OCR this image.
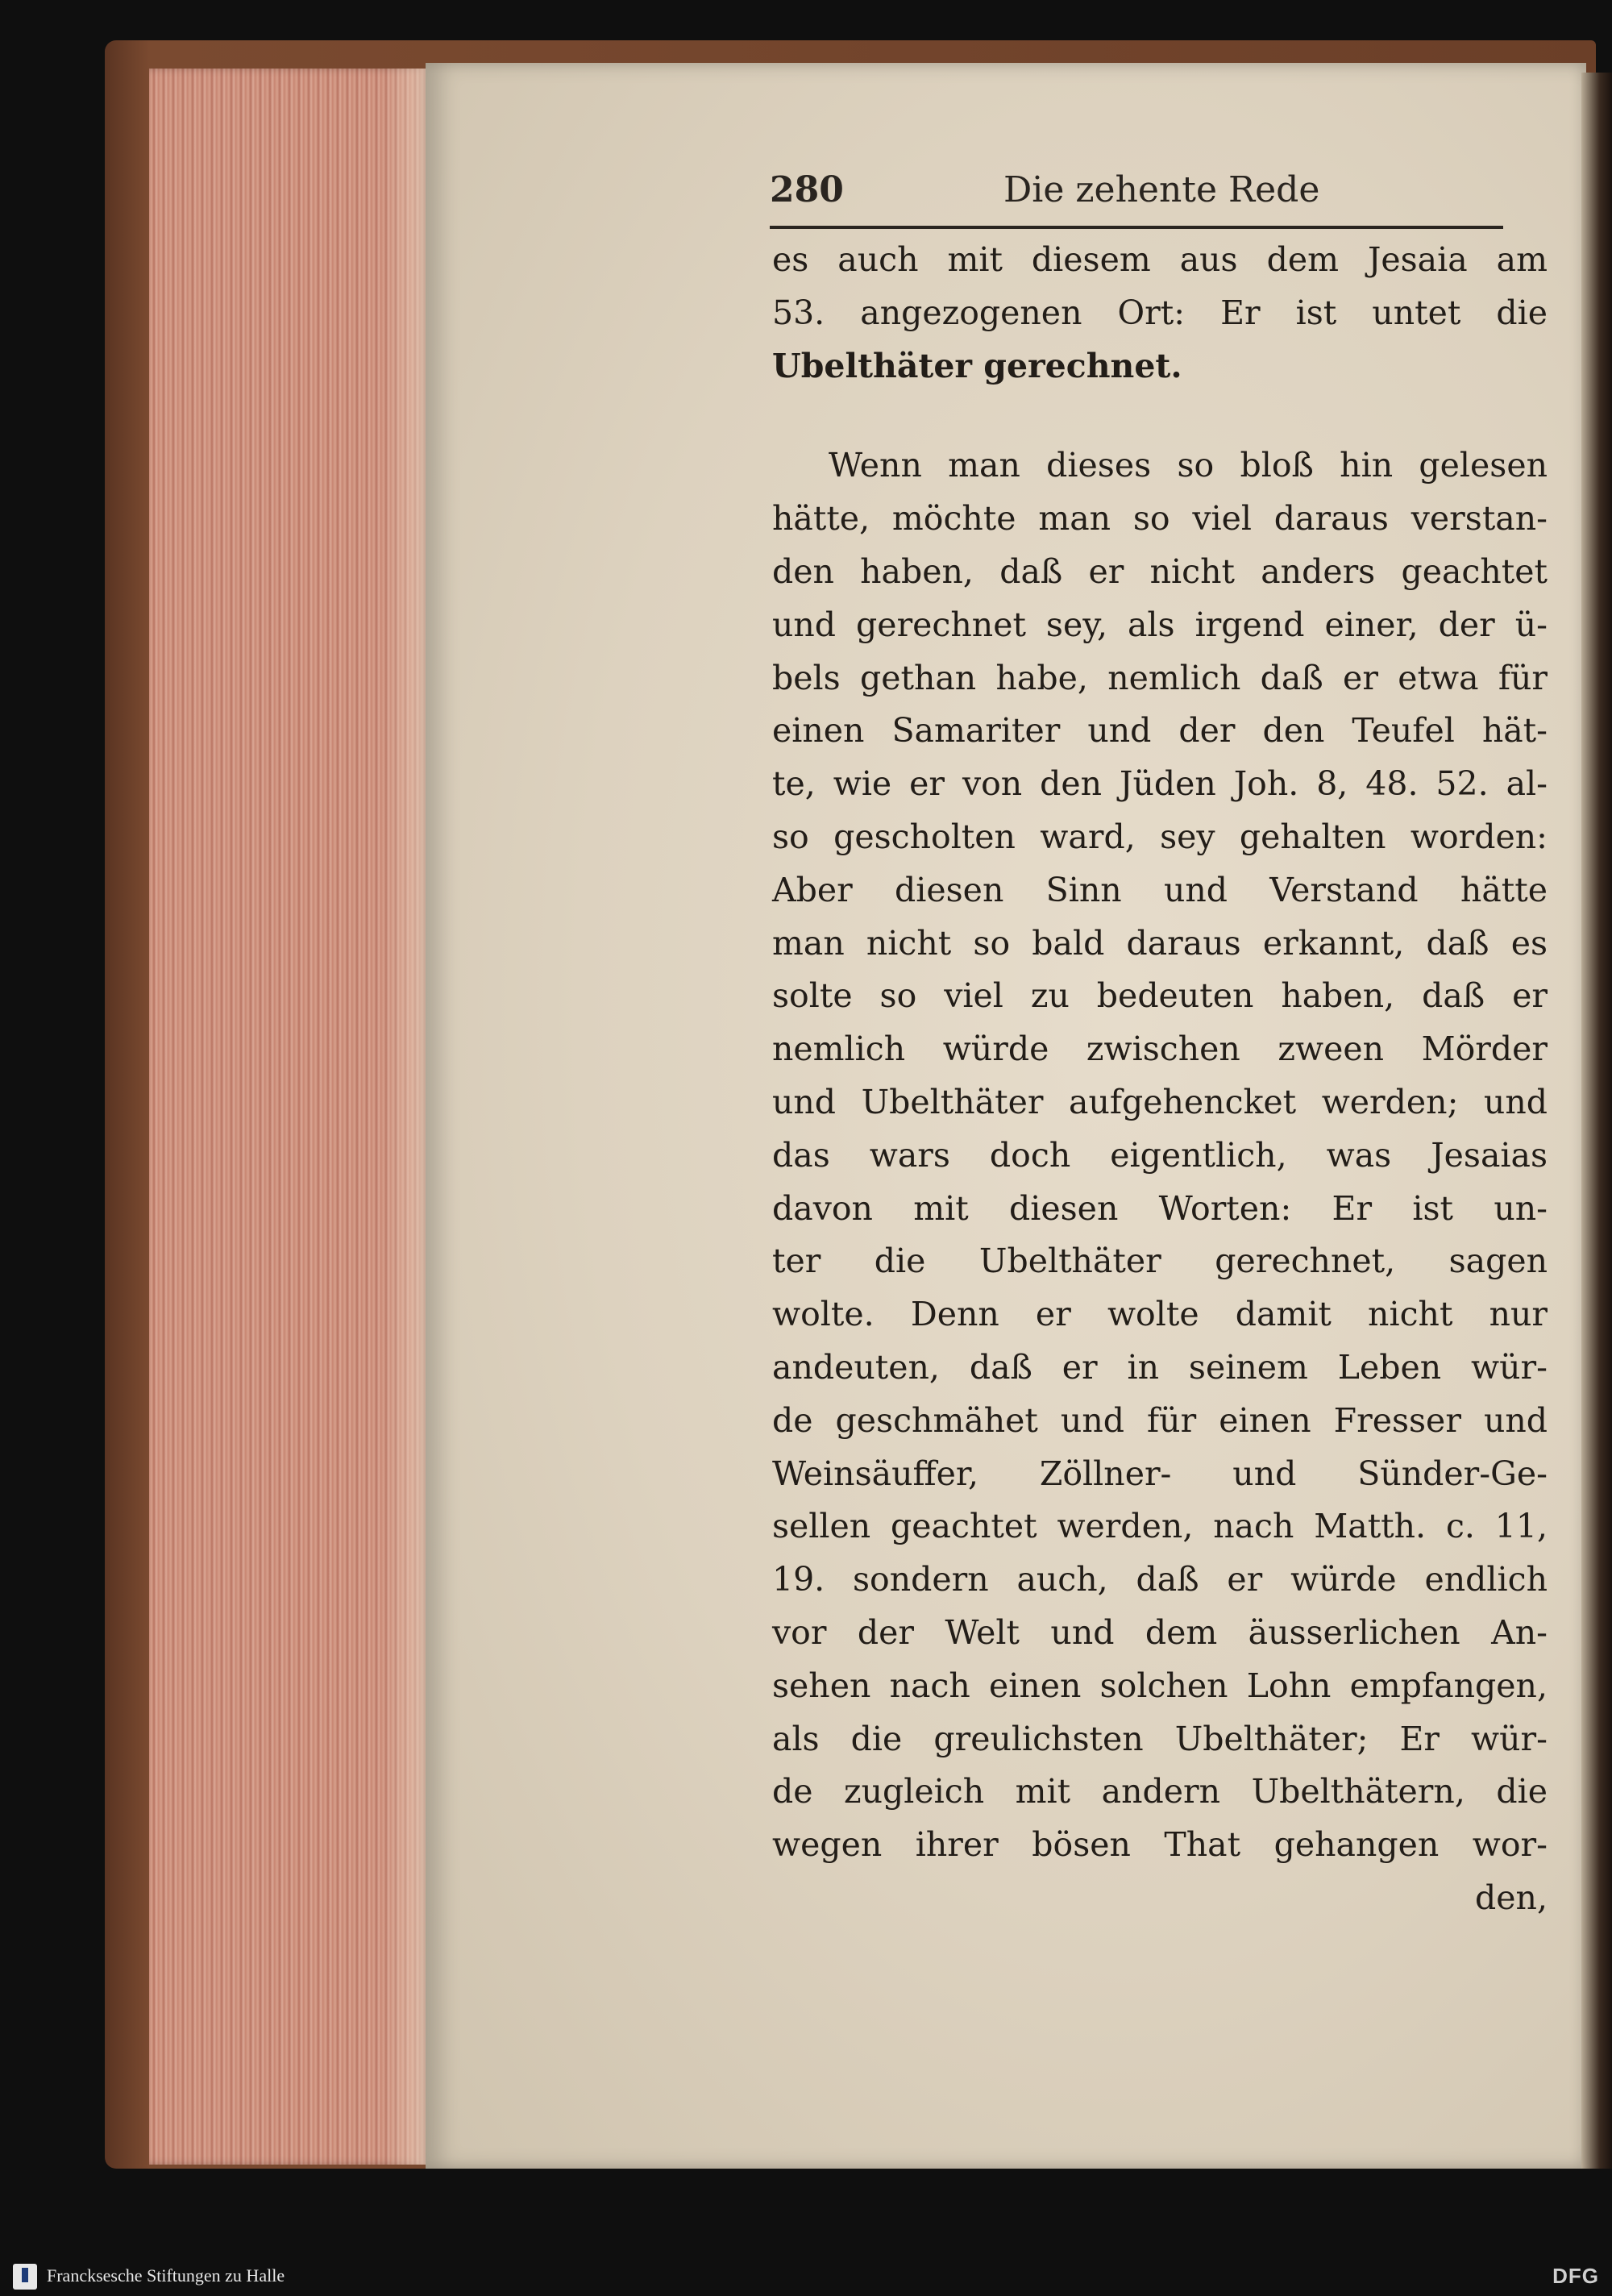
280	Die zehente Rede
es auch mit diesem aus dem Jesaia am
53. angezogenen Ort: Er ist untet die
Ubelthäter gerechnet.
Wenn man dieses so bloß hin gelesen
hätte, möchte man so viel daraus verstan-
den haben, daß er nicht anders geachtet
und gerechnet sey, als irgend einer, der ü-
bels gethan habe, nemlich daß er etwa für
einen Samariter und der den Teufel hät-
te, wie er von den Jüden Joh. 8, 48. 52. al-
so gescholten ward, sey gehalten worden:
Aber diesen Sinn und Verstand hätte
man nicht so bald daraus erkannt, daß es
solte so viel zu bedeuten haben, daß er
nemlich würde zwischen zween Mörder
und Ubelthäter aufgehencket werden; und
das wars doch eigentlich, was Jesaias
davon mit diesen Worten: Er ist un-
ter die Ubelthäter gerechnet, sagen
wolte. Denn er wolte damit nicht nur
andeuten, daß er in seinem Leben wür-
de geschmähet und für einen Fresser und
Weinsäuffer, Zöllner- und Sünder-Ge-
sellen geachtet werden, nach Matth. c. 11,
19. sondern auch, daß er würde endlich
vor der Welt und dem äusserlichen An-
sehen nach einen solchen Lohn empfangen,
als die greulichsten Ubelthäter; Er wür-
de zugleich mit andern Ubelthätern, die
wegen ihrer bösen That gehangen wor-
den,
Francksesche Stiftungen zu Halle	DFG
